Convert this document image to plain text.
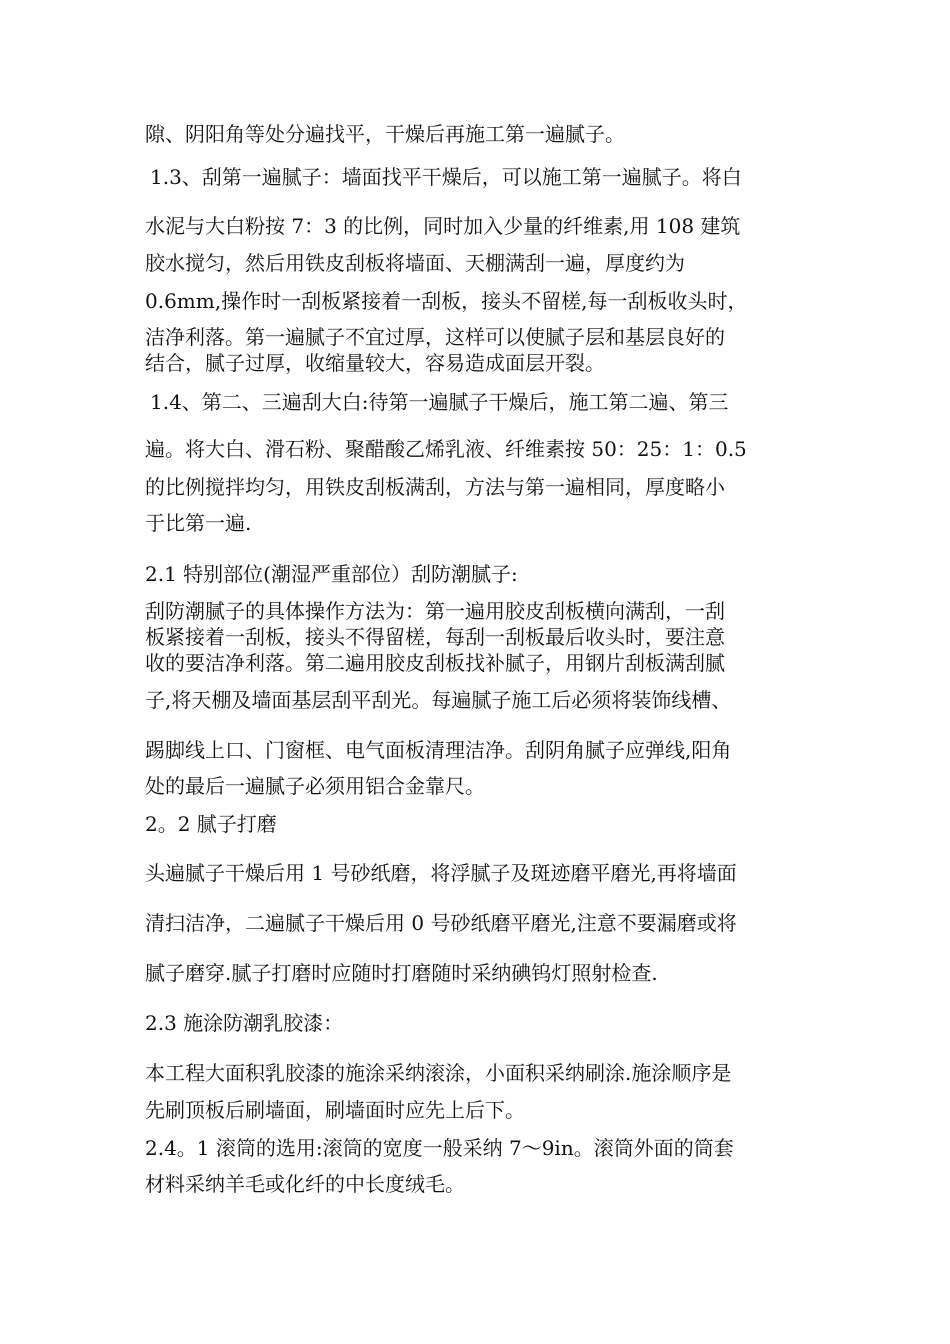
隙、阴阳角等处分遍找平，干燥后再施工第一遍腻子。
1.3、刮第一遍腻子：墙面找平干燥后，可以施工第一遍腻子。将白
水泥与大白粉按 7：3 的比例，同时加入少量的纤维素,用 108 建筑
胶水搅匀，然后用铁皮刮板将墙面、天棚满刮一遍，厚度约为
0.6mm,操作时一刮板紧接着一刮板，接头不留槎,每一刮板收头时，
洁净利落。第一遍腻子不宜过厚，这样可以使腻子层和基层良好的
结合，腻子过厚，收缩量较大，容易造成面层开裂。
1.4、第二、三遍刮大白:待第一遍腻子干燥后，施工第二遍、第三
遍。将大白、滑石粉、聚醋酸乙烯乳液、纤维素按 50：25：1：0.5
的比例搅拌均匀，用铁皮刮板满刮，方法与第一遍相同，厚度略小
于比第一遍.
2.1 特别部位(潮湿严重部位）刮防潮腻子:
刮防潮腻子的具体操作方法为：第一遍用胶皮刮板横向满刮，一刮
板紧接着一刮板，接头不得留槎，每刮一刮板最后收头时，要注意
收的要洁净利落。第二遍用胶皮刮板找补腻子，用钢片刮板满刮腻
子,将天棚及墙面基层刮平刮光。每遍腻子施工后必须将装饰线槽、
踢脚线上口、门窗框、电气面板清理洁净。刮阴角腻子应弹线,阳角
处的最后一遍腻子必须用铝合金靠尺。
2。2 腻子打磨
头遍腻子干燥后用 1 号砂纸磨，将浮腻子及斑迹磨平磨光,再将墙面
清扫洁净，二遍腻子干燥后用 0 号砂纸磨平磨光,注意不要漏磨或将
腻子磨穿.腻子打磨时应随时打磨随时采纳碘钨灯照射检查.
2.3 施涂防潮乳胶漆：
本工程大面积乳胶漆的施涂采纳滚涂，小面积采纳刷涂.施涂顺序是
先刷顶板后刷墙面，刷墙面时应先上后下。
2.4。1 滚筒的选用:滚筒的宽度一般采纳 7～9in。滚筒外面的筒套
材料采纳羊毛或化纤的中长度绒毛。
